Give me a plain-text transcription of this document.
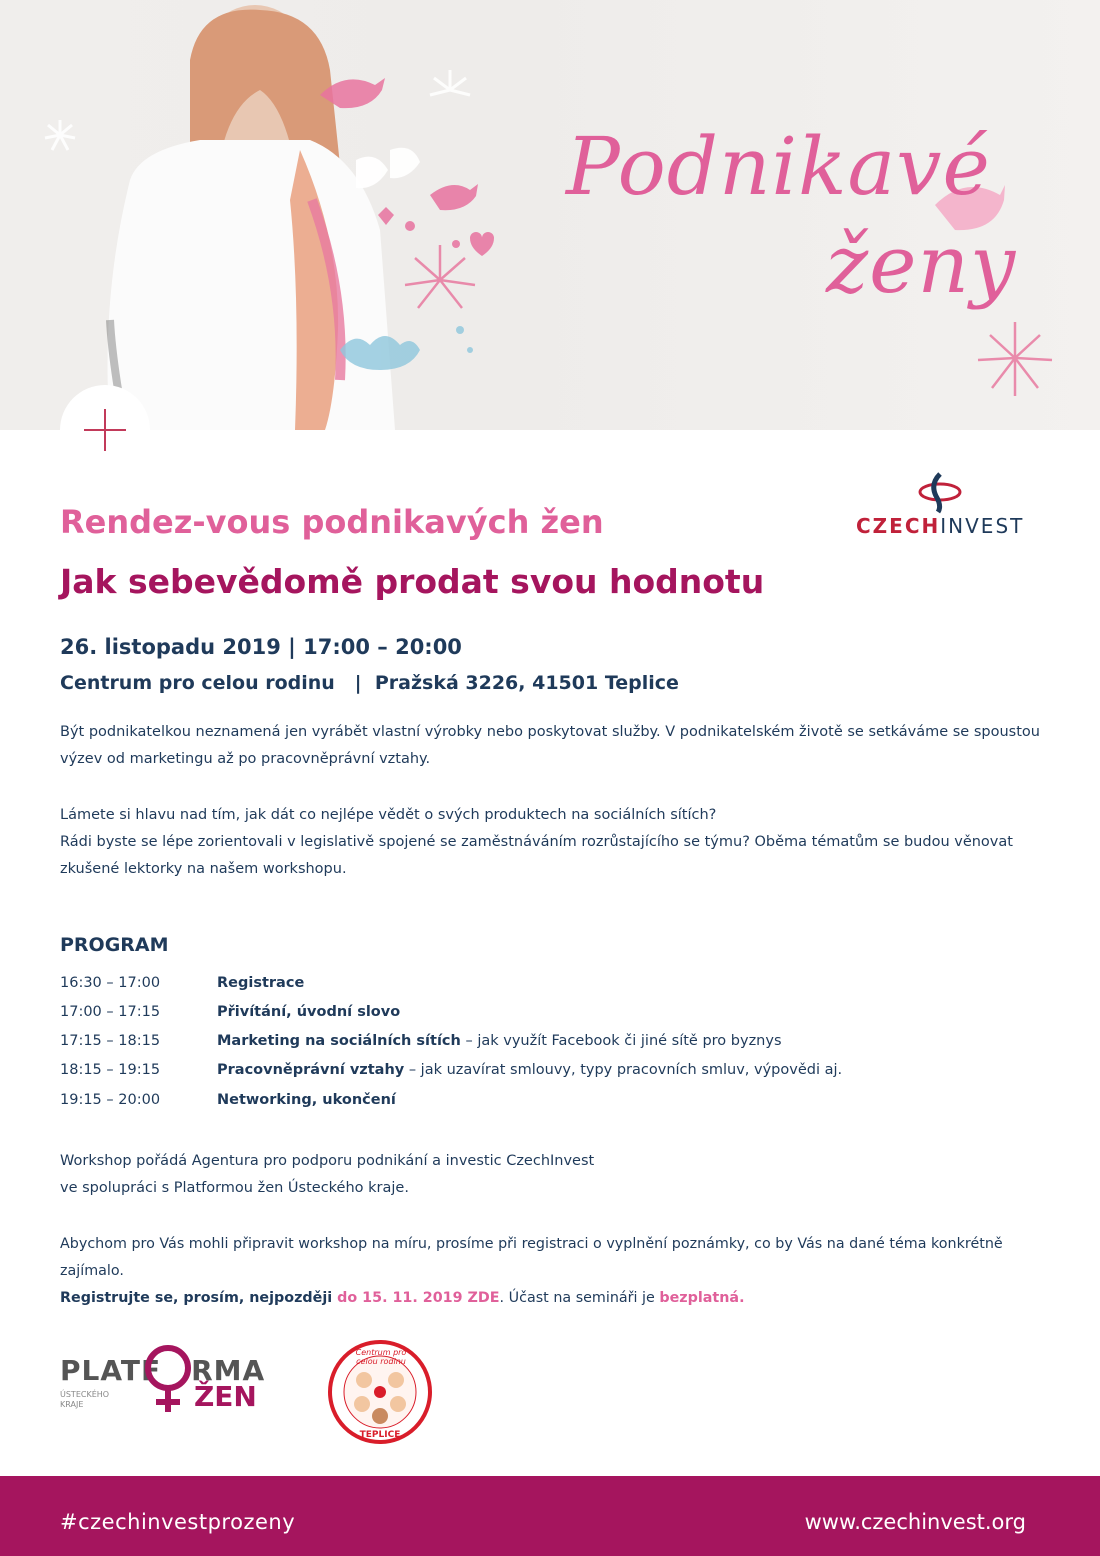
Podnikavé
ženy
CZECHINVEST
Rendez-vous podnikavých žen
Jak sebevědomě prodat svou hodnotu
26. listopadu 2019 | 17:00 – 20:00
Centrum pro celou rodinu   |  Pražská 3226, 41501 Teplice
Být podnikatelkou neznamená jen vyrábět vlastní výrobky nebo poskytovat služby. V podnikatelském životě se setkáváme se spoustou
výzev od marketingu až po pracovněprávní vztahy.
Lámete si hlavu nad tím, jak dát co nejlépe vědět o svých produktech na sociálních sítích?
Rádi byste se lépe zorientovali v legislativě spojené se zaměstnáváním rozrůstajícího se týmu? Oběma tématům se budou věnovat
zkušené lektorky na našem workshopu.
PROGRAM
16:30 – 17:00	Registrace
17:00 – 17:15	Přivítání, úvodní slovo
17:15 – 18:15	Marketing na sociálních sítích – jak využít Facebook či jiné sítě pro byznys
18:15 – 19:15	Pracovněprávní vztahy – jak uzavírat smlouvy, typy pracovních smluv, výpovědi aj.
19:15 – 20:00	Networking, ukončení
Workshop pořádá Agentura pro podporu podnikání a investic CzechInvest
ve spolupráci s Platformou žen Ústeckého kraje.
Abychom pro Vás mohli připravit workshop na míru, prosíme při registraci o vyplnění poznámky, co by Vás na dané téma konkrétně zajímalo.
Registrujte se, prosím, nejpozději do 15. 11. 2019 ZDE. Účast na semináři je bezplatná.
PLATF RMA
ÚSTECKÉHO
KRAJE	ŽEN
Centrum pro celou rodinu
TEPLICE
#czechinvestprozeny	www.czechinvest.org
